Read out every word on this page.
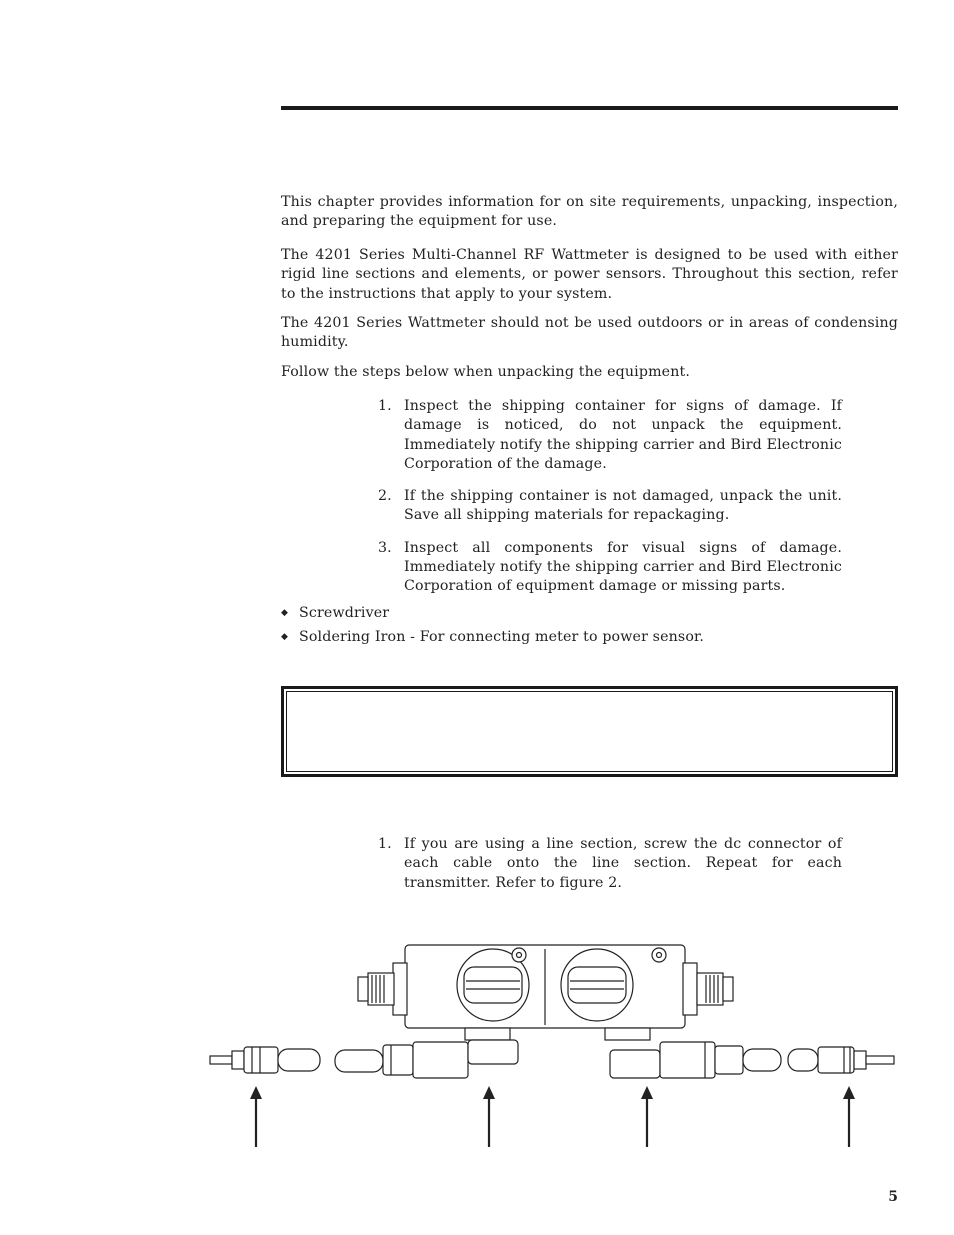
This chapter provides information for on site requirements, unpacking, inspection, and preparing the equipment for use.

The 4201 Series Multi-Channel RF Wattmeter is designed to be used with either rigid line sections and elements, or power sensors. Throughout this section, refer to the instructions that apply to your system.

The 4201 Series Wattmeter should not be used outdoors or in areas of condensing humidity.

Follow the steps below when unpacking the equipment.

1. Inspect the shipping container for signs of damage. If damage is noticed, do not unpack the equipment. Immediately notify the shipping carrier and Bird Electronic Corporation of the damage.
2. If the shipping container is not damaged, unpack the unit. Save all shipping materials for repackaging.
3. Inspect all components for visual signs of damage. Immediately notify the shipping carrier and Bird Electronic Corporation of equipment damage or missing parts.
◆ Screwdriver
◆ Soldering Iron - For connecting meter to power sensor.
1. If you are using a line section, screw the dc connector of each cable onto the line section. Repeat for each transmitter. Refer to figure 2.
5
